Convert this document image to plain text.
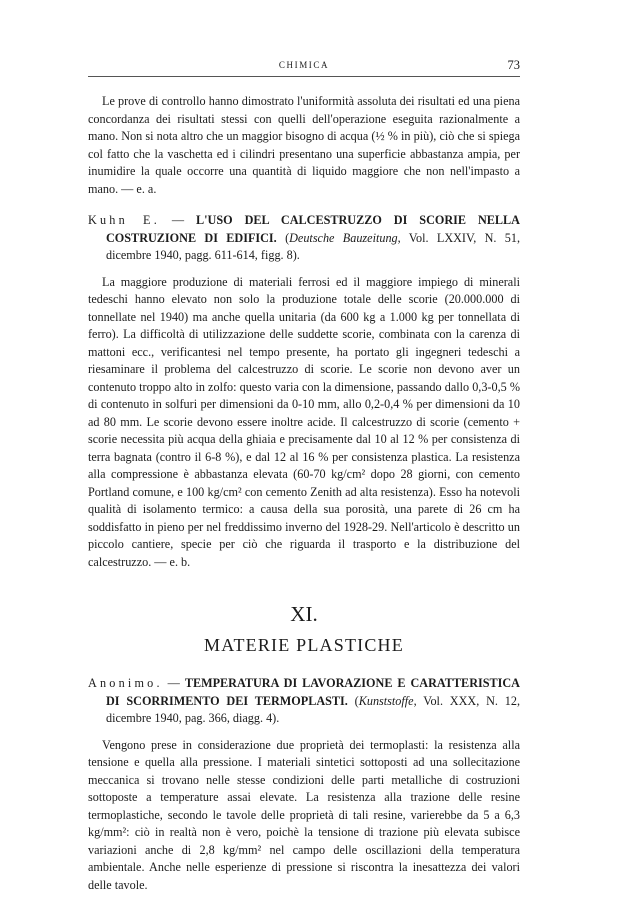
CHIMICA	73

Le prove di controllo hanno dimostrato l'uniformità assoluta dei risultati ed una piena concordanza dei risultati stessi con quelli dell'operazione eseguita razionalmente a mano. Non si nota altro che un maggior bisogno di acqua (½ % in più), ciò che si spiega col fatto che la vaschetta ed i cilindri presentano una superficie abbastanza ampia, per inumidire la quale occorre una quantità di liquido maggiore che non nell'impasto a mano. — e. a.

Kuhn E. — L'USO DEL CALCESTRUZZO DI SCORIE NELLA COSTRUZIONE DI EDIFICI. (Deutsche Bauzeitung, Vol. LXXIV, N. 51, dicembre 1940, pagg. 611-614, figg. 8).

La maggiore produzione di materiali ferrosi ed il maggiore impiego di minerali tedeschi hanno elevato non solo la produzione totale delle scorie (20.000.000 di tonnellate nel 1940) ma anche quella unitaria (da 600 kg a 1.000 kg per tonnellata di ferro). La difficoltà di utilizzazione delle suddette scorie, combinata con la carenza di mattoni ecc., verificantesi nel tempo presente, ha portato gli ingegneri tedeschi a riesaminare il problema del calcestruzzo di scorie. Le scorie non devono aver un contenuto troppo alto in zolfo: questo varia con la dimensione, passando dallo 0,3-0,5 % di contenuto in solfuri per dimensioni da 0-10 mm, allo 0,2-0,4 % per dimensioni da 10 ad 80 mm. Le scorie devono essere inoltre acide. Il calcestruzzo di scorie (cemento + scorie necessita più acqua della ghiaia e precisamente dal 10 al 12 % per consistenza di terra bagnata (contro il 6-8 %), e dal 12 al 16 % per consistenza plastica. La resistenza alla compressione è abbastanza elevata (60-70 kg/cm² dopo 28 giorni, con cemento Portland comune, e 100 kg/cm² con cemento Zenith ad alta resistenza). Esso ha notevoli qualità di isolamento termico: a causa della sua porosità, una parete di 26 cm ha soddisfatto in pieno per nel freddissimo inverno del 1928-29. Nell'articolo è descritto un piccolo cantiere, specie per ciò che riguarda il trasporto e la distribuzione del calcestruzzo. — e. b.

XI.
MATERIE PLASTICHE
Anonimo. — TEMPERATURA DI LAVORAZIONE E CARATTERISTICA DI SCORRIMENTO DEI TERMOPLASTI. (Kunststoffe, Vol. XXX, N. 12, dicembre 1940, pag. 366, diagg. 4).

Vengono prese in considerazione due proprietà dei termoplasti: la resistenza alla tensione e quella alla pressione. I materiali sintetici sottoposti ad una sollecitazione meccanica si trovano nelle stesse condizioni delle parti metalliche di costruzioni sottoposte a temperature assai elevate. La resistenza alla trazione delle resine termoplastiche, secondo le tavole delle proprietà di tali resine, varierebbe da 5 a 6,3 kg/mm²: ciò in realtà non è vero, poichè la tensione di trazione più elevata subisce variazioni anche di 2,8 kg/mm² nel campo delle oscillazioni della temperatura ambientale. Anche nelle esperienze di pressione si riscontra la inesattezza dei valori delle tavole.
